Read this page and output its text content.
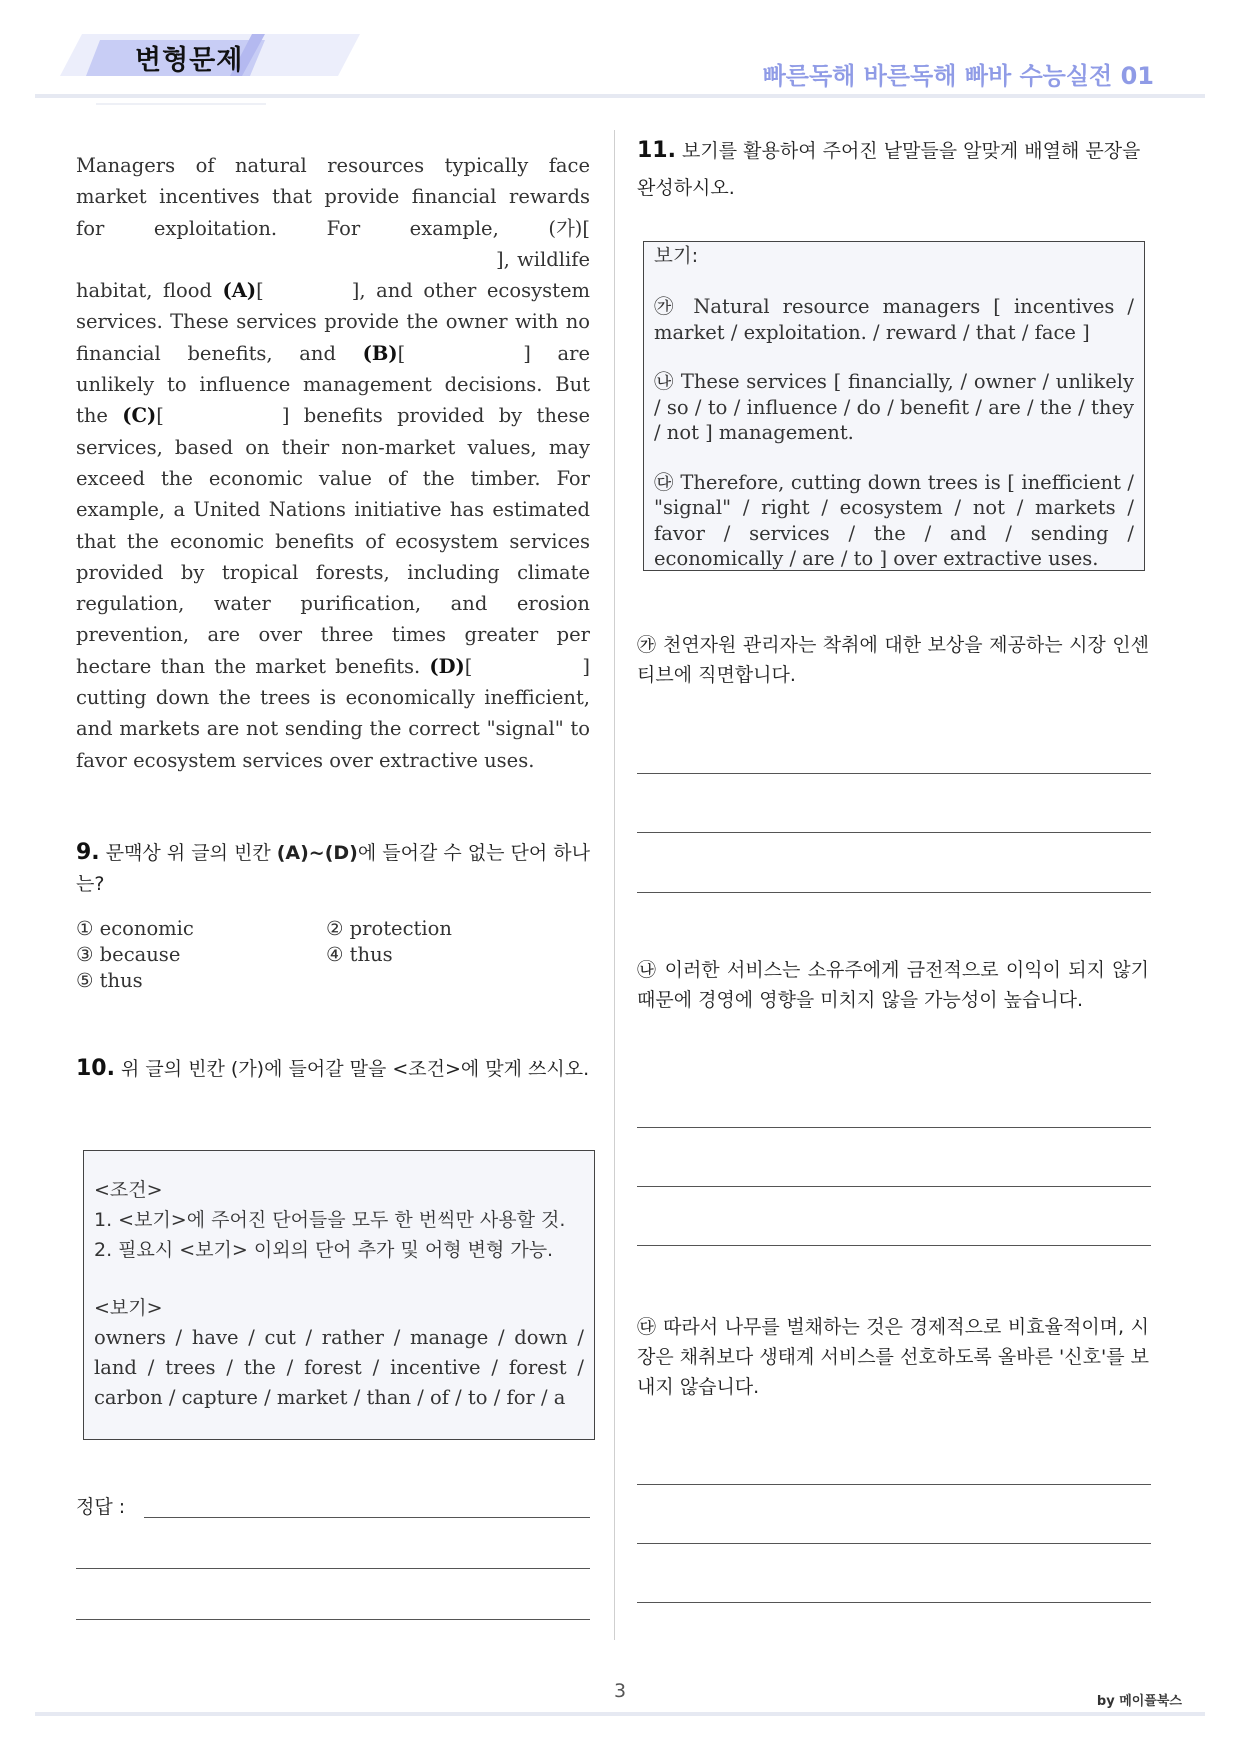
변형문제	빠른독해 바른독해 빠바 수능실전 01
Managers of natural resources typically face market incentives that provide financial rewards for exploitation. For example, (가)[], wildlife habitat, flood (A)[	], and other ecosystem services. These services provide the owner with no financial benefits, and (B)[	] are unlikely to influence management decisions. But the (C)[	] benefits provided by these services, based on their non-market values, may exceed the economic value of the timber. For example, a United Nations initiative has estimated that the economic benefits of ecosystem services provided by tropical forests, including climate regulation, water purification, and erosion prevention, are over three times greater per hectare than the market benefits. (D)[	] cutting down the trees is economically inefficient, and markets are not sending the correct "signal" to favor ecosystem services over extractive uses.
9. 문맥상 위 글의 빈칸 (A)~(D)에 들어갈 수 없는 단어 하나는?
① economic	② protection
③ because	④ thus
⑤ thus
10. 위 글의 빈칸 (가)에 들어갈 말을 <조건>에 맞게 쓰시오.
<조건>
1. <보기>에 주어진 단어들을 모두 한 번씩만 사용할 것.
2. 필요시 <보기> 이외의 단어 추가 및 어형 변형 가능.
<보기>
owners / have / cut / rather / manage / down / land / trees / the / forest / incentive / forest / carbon / capture / market / than / of / to / for / a
정답 :
11. 보기를 활용하여 주어진 낱말들을 알맞게 배열해 문장을 완성하시오.
보기:
㉮ Natural resource managers [ incentives / market / exploitation. / reward / that / face ]
㉯ These services [ financially, / owner / unlikely / so / to / influence / do / benefit / are / the / they / not ] management.
㉰ Therefore, cutting down trees is [ inefficient / "signal" / right / ecosystem / not / markets / favor / services / the / and / sending / economically / are / to ] over extractive uses.
㉮ 천연자원 관리자는 착취에 대한 보상을 제공하는 시장 인센티브에 직면합니다.
㉯ 이러한 서비스는 소유주에게 금전적으로 이익이 되지 않기 때문에 경영에 영향을 미치지 않을 가능성이 높습니다.
㉰ 따라서 나무를 벌채하는 것은 경제적으로 비효율적이며, 시장은 채취보다 생태계 서비스를 선호하도록 올바른 '신호'를 보내지 않습니다.
3	by 메이플북스
